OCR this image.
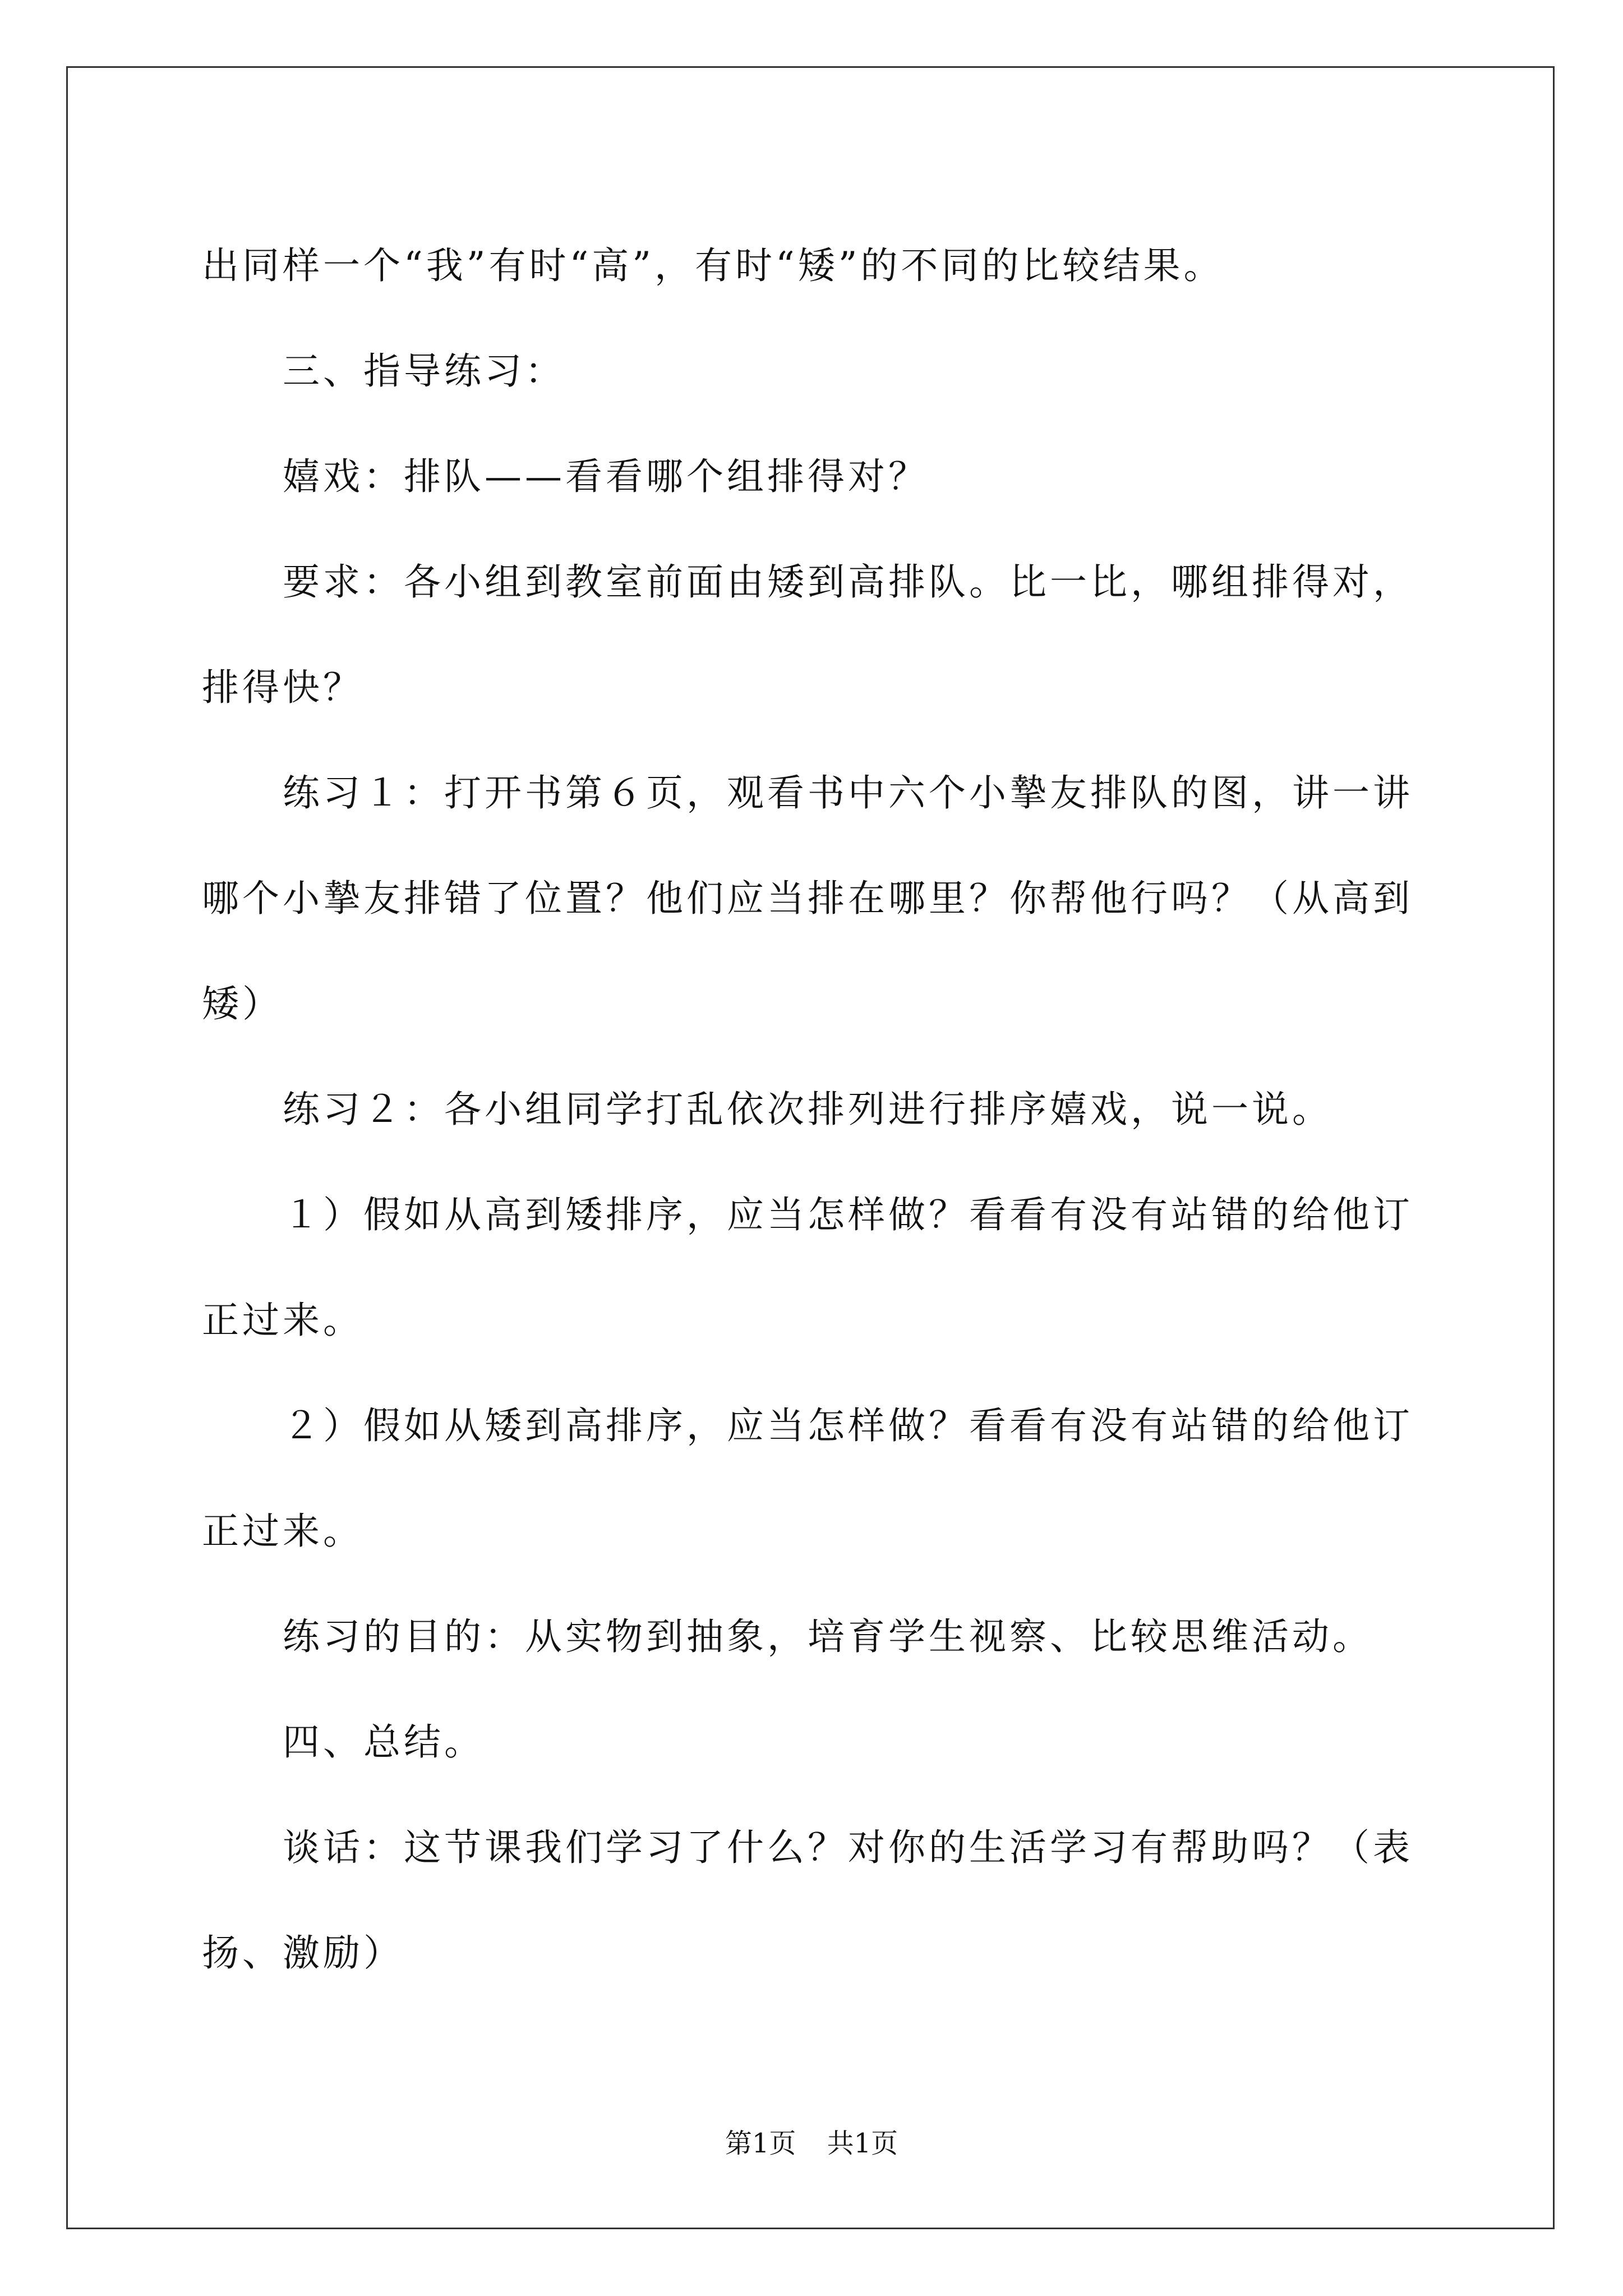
出同样一个“我”有时“高”，有时“矮”的不同的比较结果。

三、指导练习：

嬉戏：排队——看看哪个组排得对？

要求：各小组到教室前面由矮到高排队。比一比，哪组排得对，排得快？

练习１：打开书第６页，观看书中六个小摯友排队的图，讲一讲哪个小摯友排错了位置？他们应当排在哪里？你帮他行吗？（从高到矮）

练习２：各小组同学打乱依次排列进行排序嬉戏，说一说。

１）假如从高到矮排序，应当怎样做？看看有没有站错的给他订正过来。

２）假如从矮到高排序，应当怎样做？看看有没有站错的给他订正过来。

练习的目的：从实物到抽象，培育学生视察、比较思维活动。

四、总结。

谈话：这节课我们学习了什么？对你的生活学习有帮助吗？（表扬、激励）

第1页 共1页
